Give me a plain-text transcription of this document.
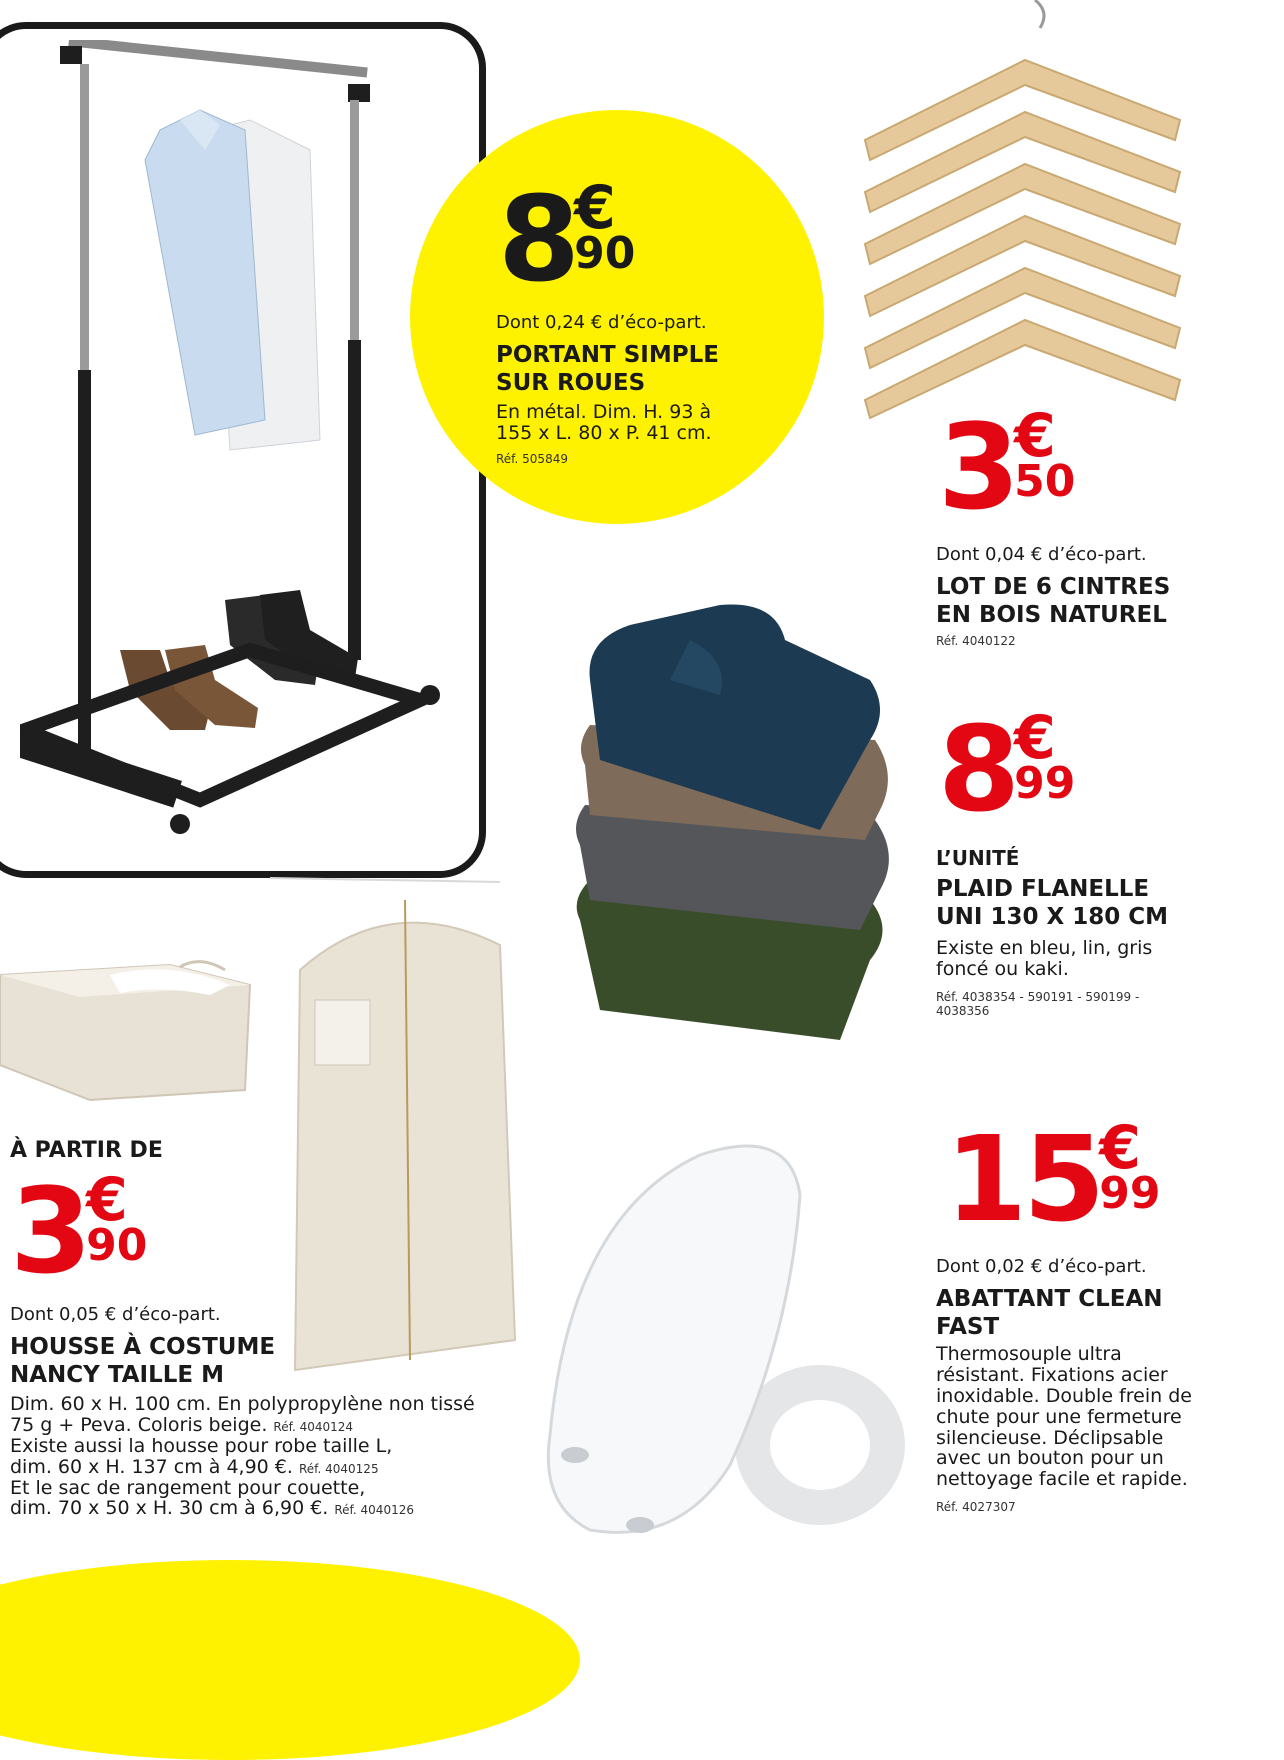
8
€
90
Dont 0,24 € d’éco-part.
PORTANT SIMPLE
SUR ROUES
En métal. Dim. H. 93 à
155 x L. 80 x P. 41 cm.
Réf. 505849	3
€
50
Dont 0,04 € d’éco-part.
LOT DE 6 CINTRES
EN BOIS NATUREL
Réf. 4040122
8
€
99
L’UNITÉ
PLAID FLANELLE
UNI 130 X 180 CM
Existe en bleu, lin, gris
foncé ou kaki.
Réf. 4038354 - 590191 - 590199 -
4038356
À PARTIR DE
3
€
90
Dont 0,05 € d’éco-part.
HOUSSE À COSTUME
NANCY TAILLE M
Dim. 60 x H. 100 cm. En polypropylène non tissé
75 g + Peva. Coloris beige. Réf. 4040124
Existe aussi la housse pour robe taille L,
dim. 60 x H. 137 cm à 4,90 €. Réf. 4040125
Et le sac de rangement pour couette,
dim. 70 x 50 x H. 30 cm à 6,90 €. Réf. 4040126
15
€
99
Dont 0,02 € d’éco-part.
ABATTANT CLEAN
FAST
Thermosouple ultra
résistant. Fixations acier
inoxidable. Double frein de
chute pour une fermeture
silencieuse. Déclipsable
avec un bouton pour un
nettoyage facile et rapide.
Réf. 4027307
